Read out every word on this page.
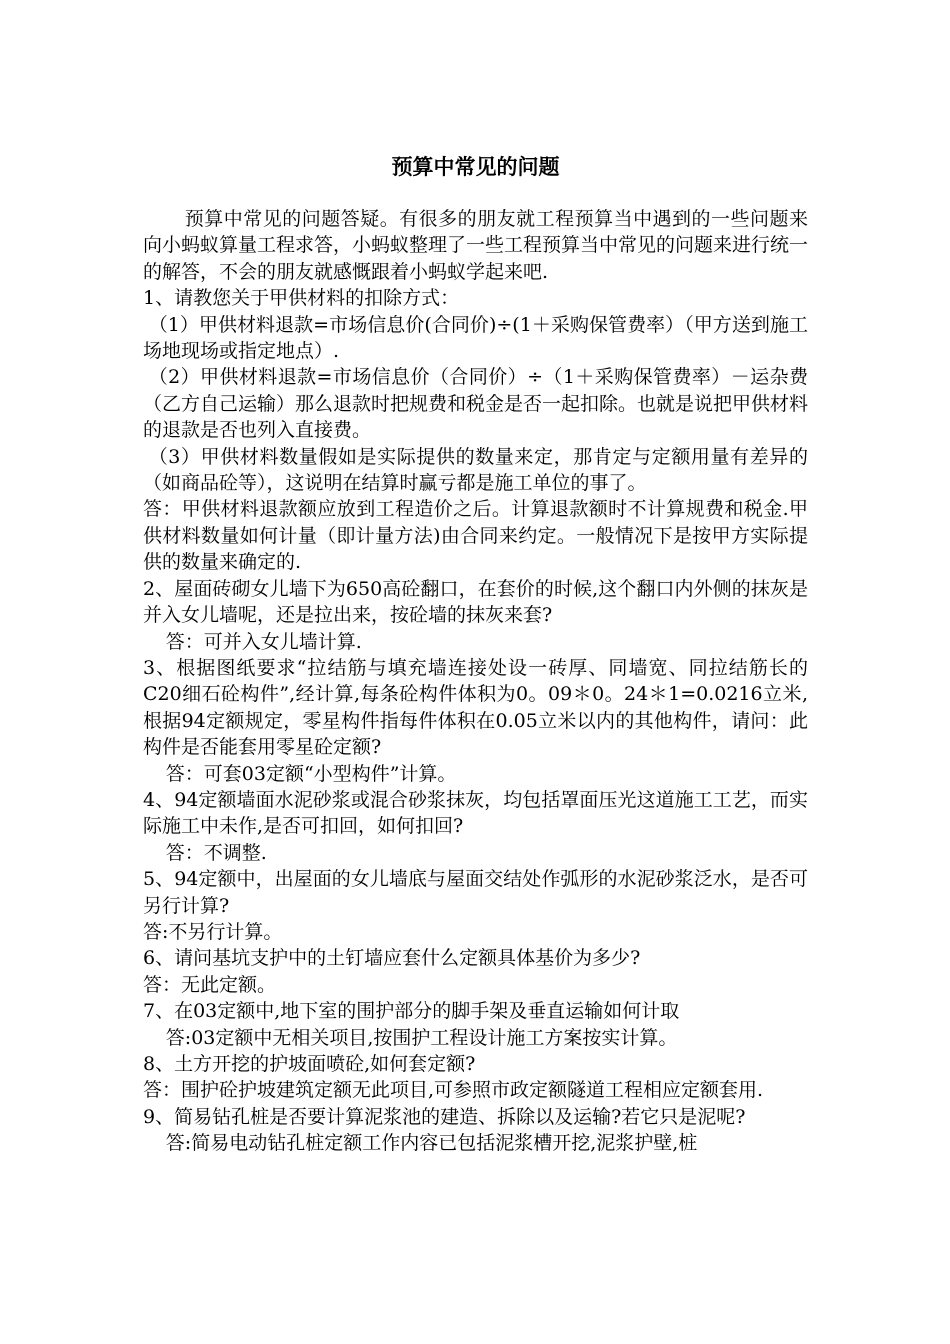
预算中常见的问题

预算中常见的问题答疑。有很多的朋友就工程预算当中遇到的一些问题来向小蚂蚁算量工程求答，小蚂蚁整理了一些工程预算当中常见的问题来进行统一的解答，不会的朋友就感慨跟着小蚂蚁学起来吧.

1、请教您关于甲供材料的扣除方式：

（1）甲供材料退款=市场信息价(合同价)÷(1＋采购保管费率）（甲方送到施工场地现场或指定地点）.

（2）甲供材料退款=市场信息价（合同价）÷（1＋采购保管费率）－运杂费（乙方自己运输）那么退款时把规费和税金是否一起扣除。也就是说把甲供材料的退款是否也列入直接费。

（3）甲供材料数量假如是实际提供的数量来定，那肯定与定额用量有差异的（如商品砼等），这说明在结算时赢亏都是施工单位的事了。

答：甲供材料退款额应放到工程造价之后。计算退款额时不计算规费和税金.甲供材料数量如何计量（即计量方法)由合同来约定。一般情况下是按甲方实际提供的数量来确定的.

2、屋面砖砌女儿墙下为650高砼翻口，在套价的时候,这个翻口内外侧的抹灰是并入女儿墙呢，还是拉出来，按砼墙的抹灰来套?

答：可并入女儿墙计算.

3、根据图纸要求“拉结筋与填充墙连接处设一砖厚、同墙宽、同拉结筋长的C20细石砼构件”,经计算,每条砼构件体积为0。09＊0。24＊1=0.0216立米,根据94定额规定，零星构件指每件体积在0.05立米以内的其他构件，请问：此构件是否能套用零星砼定额?

答：可套03定额“小型构件”计算。

4、94定额墙面水泥砂浆或混合砂浆抹灰，均包括罩面压光这道施工工艺，而实际施工中未作,是否可扣回，如何扣回?

答：不调整.

5、94定额中，出屋面的女儿墙底与屋面交结处作弧形的水泥砂浆泛水，是否可另行计算?

答:不另行计算。

6、请问基坑支护中的土钉墙应套什么定额具体基价为多少?

答：无此定额。

7、在03定额中,地下室的围护部分的脚手架及垂直运输如何计取

答:03定额中无相关项目,按围护工程设计施工方案按实计算。

8、土方开挖的护坡面喷砼,如何套定额?

答：围护砼护坡建筑定额无此项目,可参照市政定额隧道工程相应定额套用.

9、简易钻孔桩是否要计算泥浆池的建造、拆除以及运输?若它只是泥呢?

答:简易电动钻孔桩定额工作内容已包括泥浆槽开挖,泥浆护壁,桩
